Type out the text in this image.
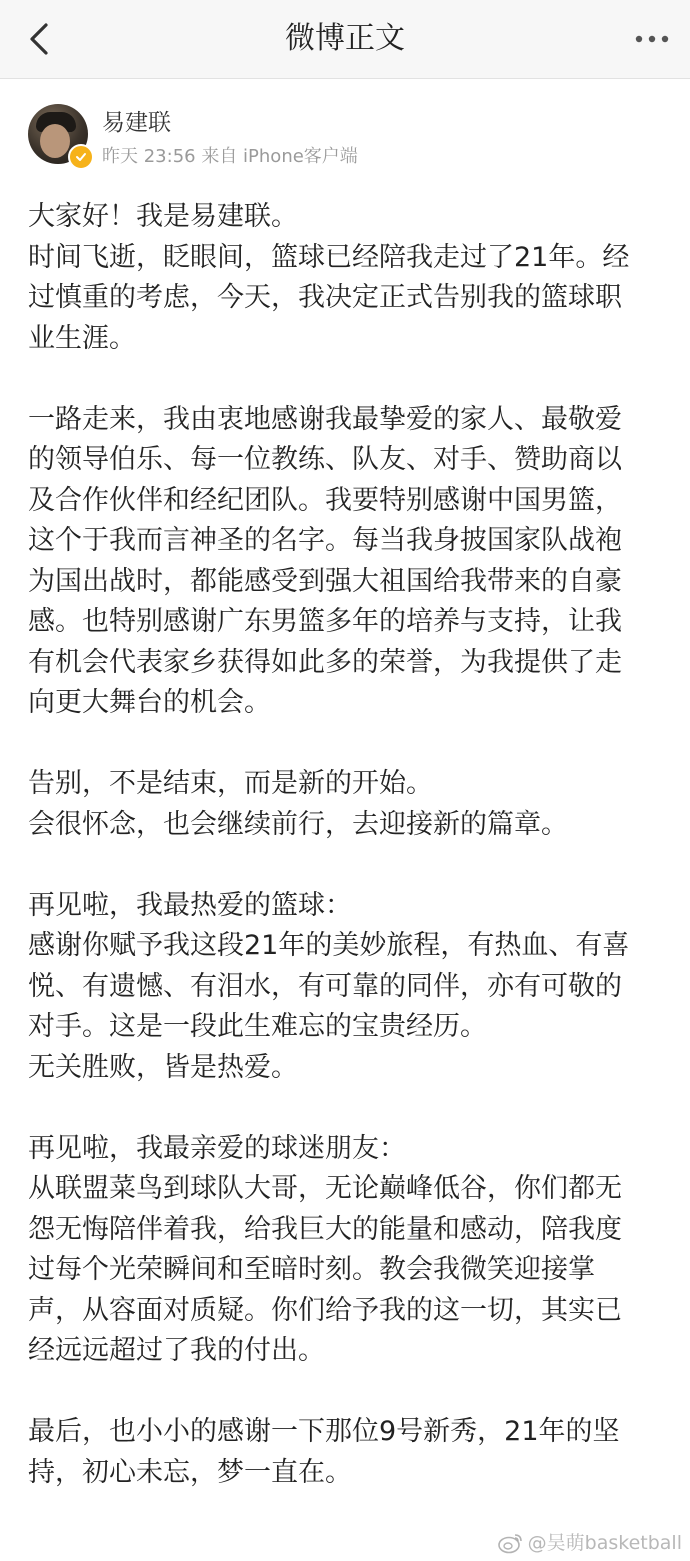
微博正文
易建联
昨天 23:56 来自 iPhone客户端
大家好！我是易建联。
时间飞逝，眨眼间，篮球已经陪我走过了21年。经
过慎重的考虑，今天，我决定正式告别我的篮球职
业生涯。
一路走来，我由衷地感谢我最挚爱的家人、最敬爱
的领导伯乐、每一位教练、队友、对手、赞助商以
及合作伙伴和经纪团队。我要特别感谢中国男篮，
这个于我而言神圣的名字。每当我身披国家队战袍
为国出战时，都能感受到强大祖国给我带来的自豪
感。也特别感谢广东男篮多年的培养与支持，让我
有机会代表家乡获得如此多的荣誉，为我提供了走
向更大舞台的机会。
告别，不是结束，而是新的开始。
会很怀念，也会继续前行，去迎接新的篇章。
再见啦，我最热爱的篮球：
感谢你赋予我这段21年的美妙旅程，有热血、有喜
悦、有遗憾、有泪水，有可靠的同伴，亦有可敬的
对手。这是一段此生难忘的宝贵经历。
无关胜败，皆是热爱。
再见啦，我最亲爱的球迷朋友：
从联盟菜鸟到球队大哥，无论巅峰低谷，你们都无
怨无悔陪伴着我，给我巨大的能量和感动，陪我度
过每个光荣瞬间和至暗时刻。教会我微笑迎接掌
声，从容面对质疑。你们给予我的这一切，其实已
经远远超过了我的付出。
最后，也小小的感谢一下那位9号新秀，21年的坚
持，初心未忘，梦一直在。
@吴萌basketball
